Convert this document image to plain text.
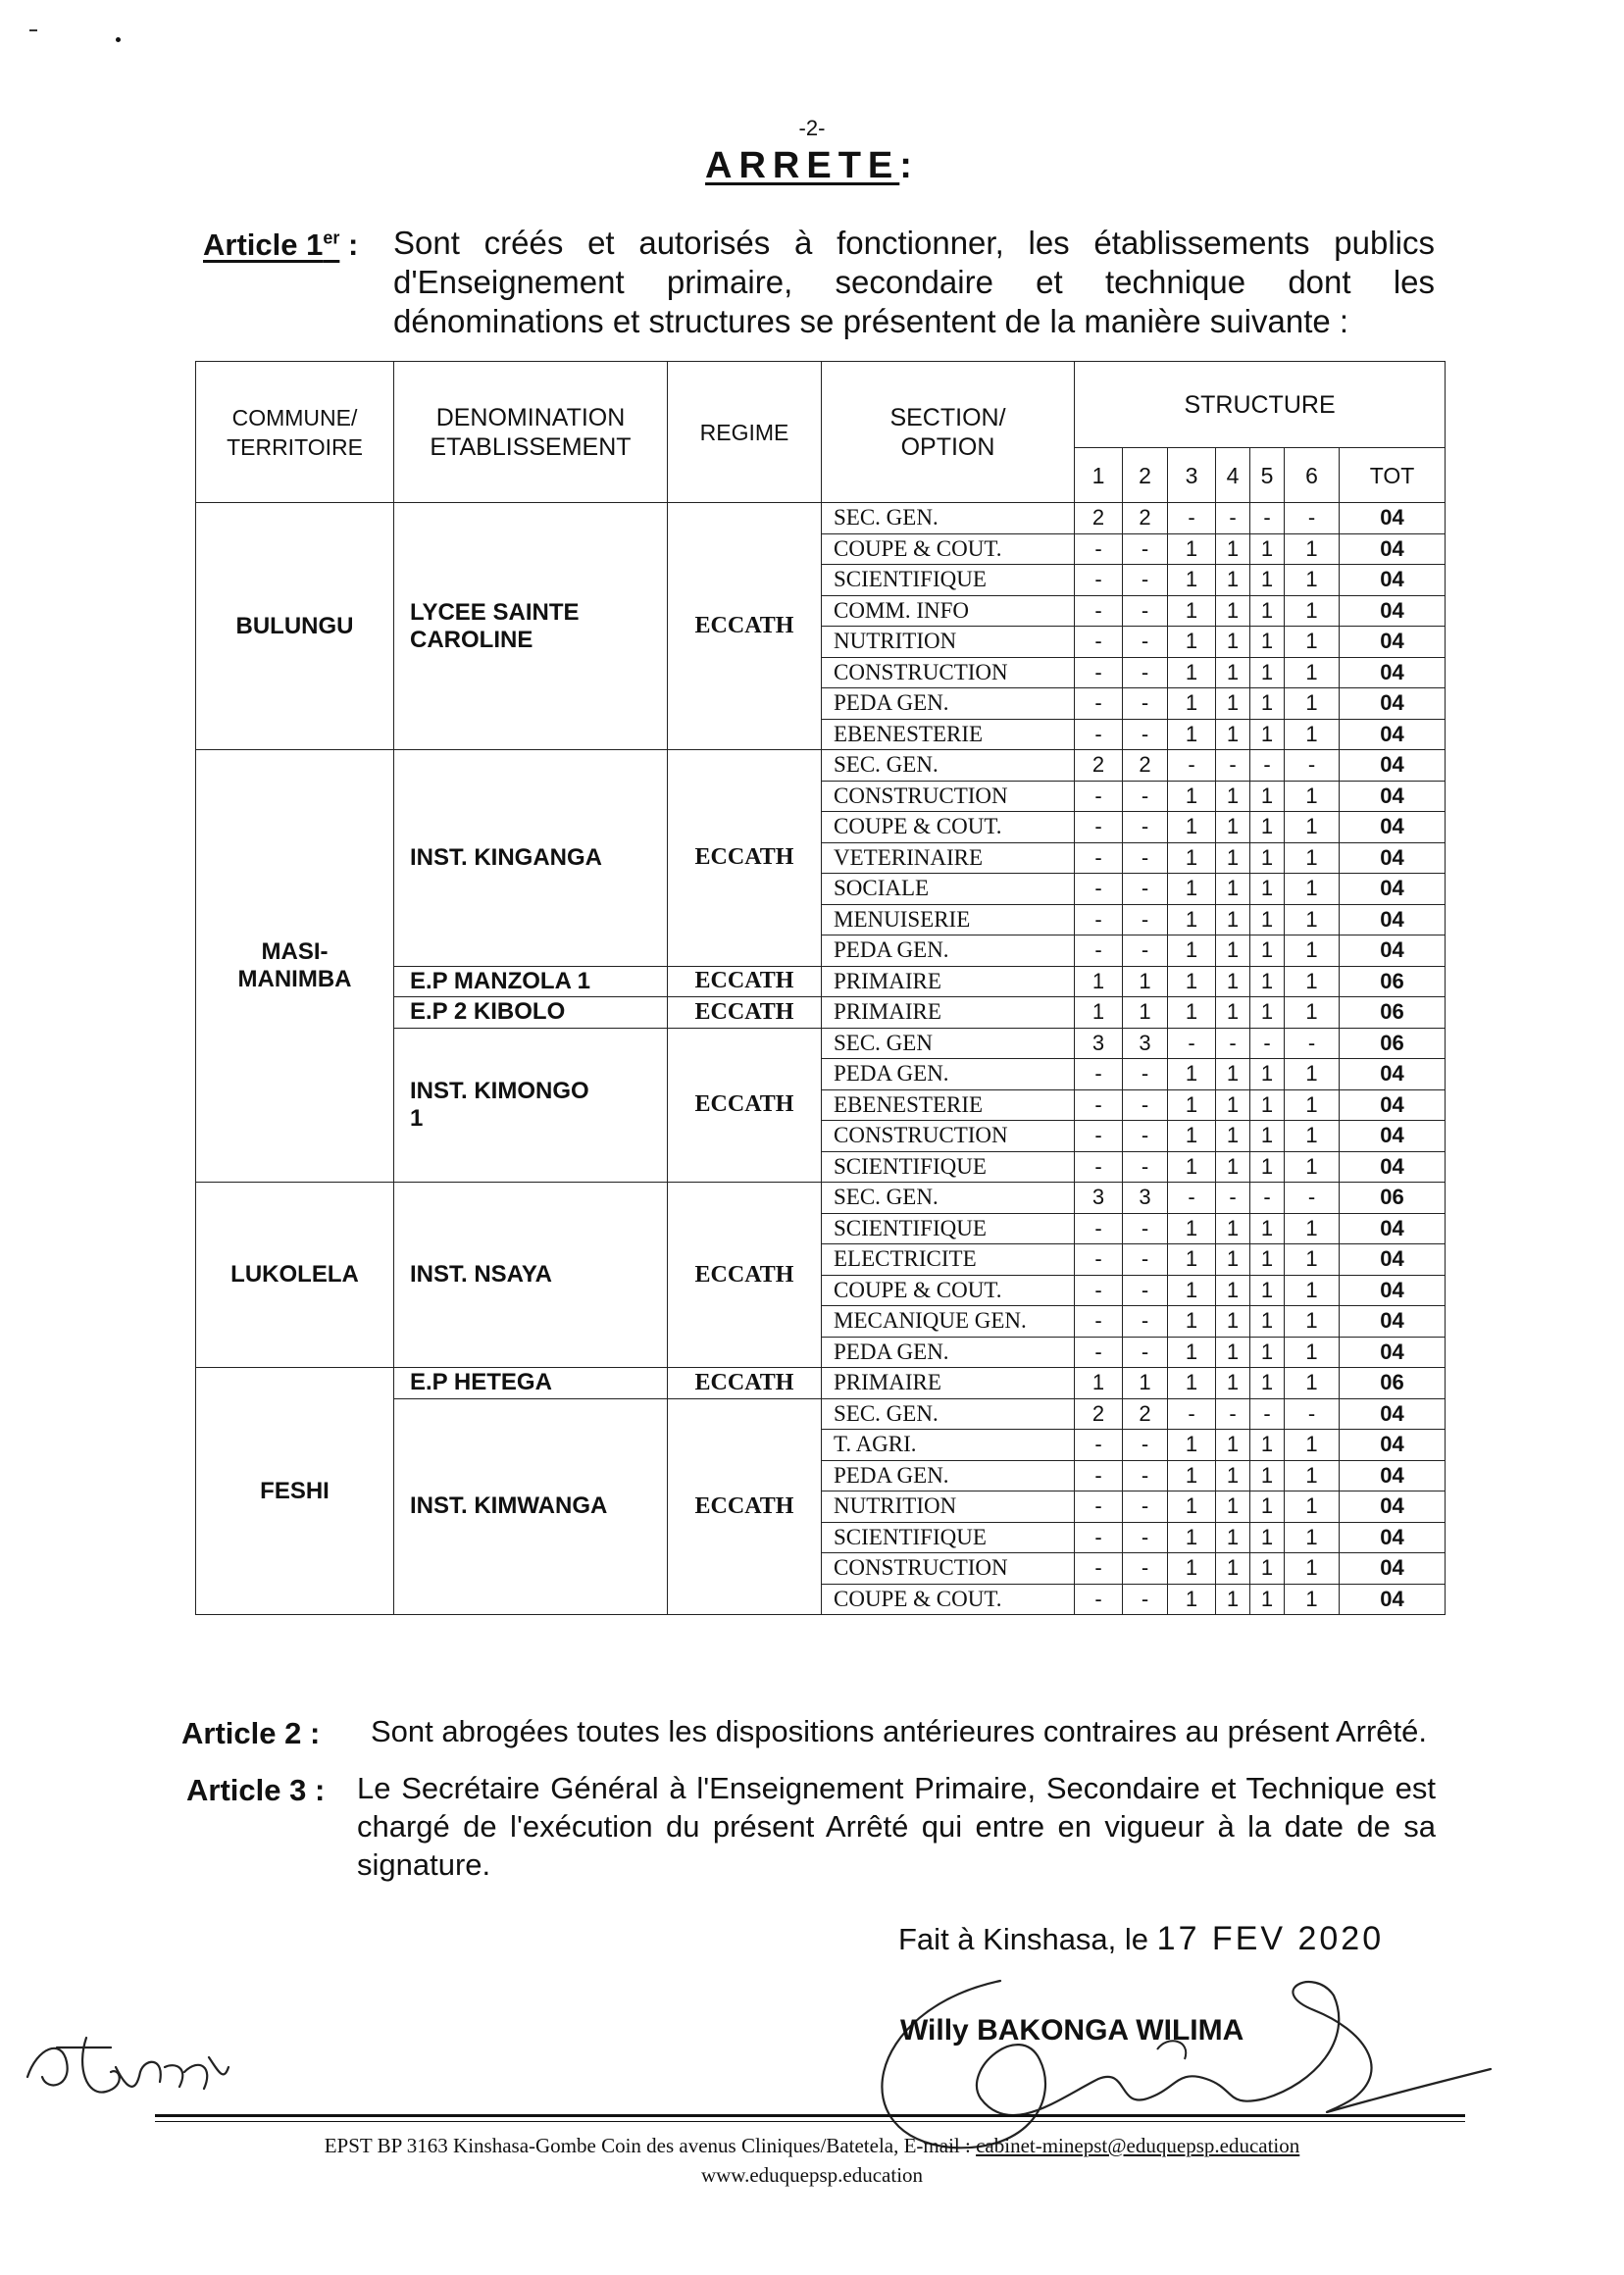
-2-
ARRETE:
Article 1er : Sont créés et autorisés à fonctionner, les établissements publics d'Enseignement primaire, secondaire et technique dont les dénominations et structures se présentent de la manière suivante :
COMMUNE/ TERRITOIRE	DENOMINATION ETABLISSEMENT	REGIME	SECTION/ OPTION	STRUCTURE						
				1	2	3	4	5	6	TOT
BULUNGU	LYCEE SAINTE CAROLINE	ECCATH	SEC. GEN.	2	2	-	-	-	-	04
			COUPE & COUT.	-	-	1	1	1	1	04
			SCIENTIFIQUE	-	-	1	1	1	1	04
			COMM. INFO	-	-	1	1	1	1	04
			NUTRITION	-	-	1	1	1	1	04
			CONSTRUCTION	-	-	1	1	1	1	04
			PEDA GEN.	-	-	1	1	1	1	04
			EBENESTERIE	-	-	1	1	1	1	04
MASI-MANIMBA	INST. KINGANGA	ECCATH	SEC. GEN.	2	2	-	-	-	-	04
			CONSTRUCTION	-	-	1	1	1	1	04
			COUPE & COUT.	-	-	1	1	1	1	04
			VETERINAIRE	-	-	1	1	1	1	04
			SOCIALE	-	-	1	1	1	1	04
			MENUISERIE	-	-	1	1	1	1	04
			PEDA GEN.	-	-	1	1	1	1	04
	E.P MANZOLA 1	ECCATH	PRIMAIRE	1	1	1	1	1	1	06
	E.P 2 KIBOLO	ECCATH	PRIMAIRE	1	1	1	1	1	1	06
	INST. KIMONGO 1	ECCATH	SEC. GEN	3	3	-	-	-	-	06
			PEDA GEN.	-	-	1	1	1	1	04
			EBENESTERIE	-	-	1	1	1	1	04
			CONSTRUCTION	-	-	1	1	1	1	04
			SCIENTIFIQUE	-	-	1	1	1	1	04
LUKOLELA	INST. NSAYA	ECCATH	SEC. GEN.	3	3	-	-	-	-	06
			SCIENTIFIQUE	-	-	1	1	1	1	04
			ELECTRICITE	-	-	1	1	1	1	04
			COUPE & COUT.	-	-	1	1	1	1	04
			MECANIQUE GEN.	-	-	1	1	1	1	04
			PEDA GEN.	-	-	1	1	1	1	04
FESHI	E.P HETEGA	ECCATH	PRIMAIRE	1	1	1	1	1	1	06
	INST. KIMWANGA	ECCATH	SEC. GEN.	2	2	-	-	-	-	04
			T. AGRI.	-	-	1	1	1	1	04
			PEDA GEN.	-	-	1	1	1	1	04
			NUTRITION	-	-	1	1	1	1	04
			SCIENTIFIQUE	-	-	1	1	1	1	04
			CONSTRUCTION	-	-	1	1	1	1	04
			COUPE & COUT.	-	-	1	1	1	1	04
Article 2 : Sont abrogées toutes les dispositions antérieures contraires au présent Arrêté.
Article 3 : Le Secrétaire Général à l'Enseignement Primaire, Secondaire et Technique est chargé de l'exécution du présent Arrêté qui entre en vigueur à la date de sa signature.
Fait à Kinshasa, le 17 FEV 2020
Willy BAKONGA WILIMA
EPST BP 3163 Kinshasa-Gombe Coin des avenus Cliniques/Batetela, E-mail : cabinet-minepst@eduquepsp.education
www.eduquepsp.education
